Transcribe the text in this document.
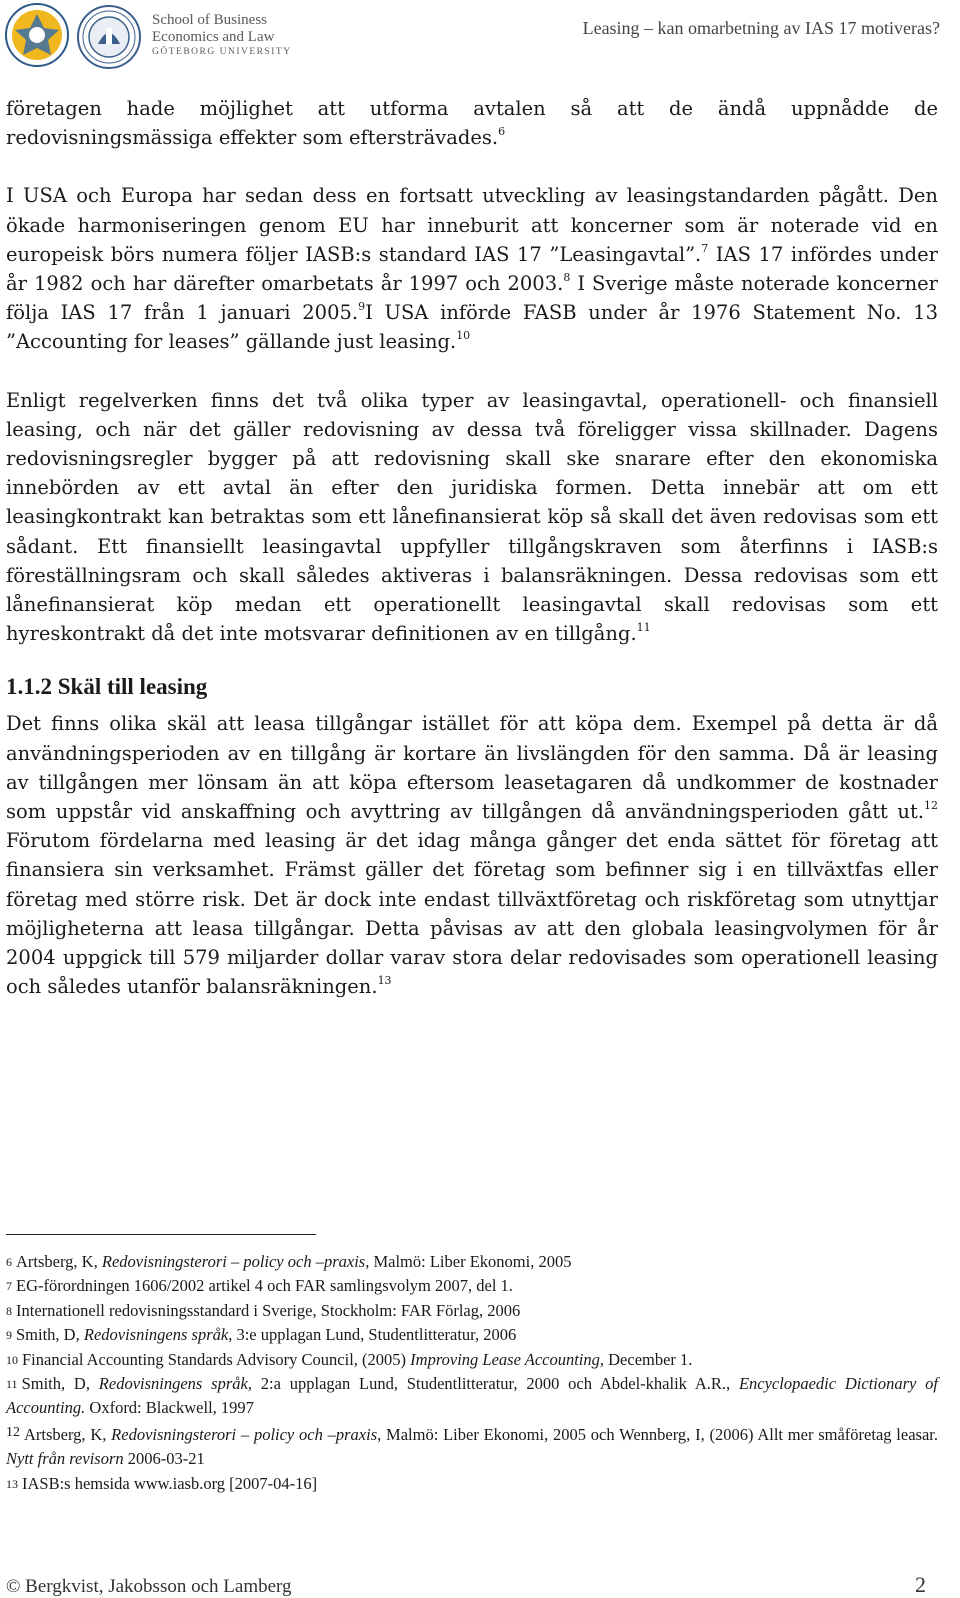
School of Business
Economics and Law
GÖTEBORG UNIVERSITY
Leasing – kan omarbetning av IAS 17 motiveras?

företagen hade möjlighet att utforma avtalen så att de ändå uppnådde de redovisningsmässiga effekter som eftersträvades.$^6$

I USA och Europa har sedan dess en fortsatt utveckling av leasingstandarden pågått. Den ökade harmoniseringen genom EU har inneburit att koncerner som är noterade vid en europeisk börs numera följer IASB:s standard IAS 17 ”Leasingavtal”.$^7$ IAS 17 infördes under år 1982 och har därefter omarbetats år 1997 och 2003.$^8$ I Sverige måste noterade koncerner följa IAS 17 från 1 januari 2005.$^9$I USA införde FASB under år 1976 Statement No. 13 ”Accounting for leases” gällande just leasing.$^{10}$

Enligt regelverken finns det två olika typer av leasingavtal, operationell- och finansiell leasing, och när det gäller redovisning av dessa två föreligger vissa skillnader. Dagens redovisningsregler bygger på att redovisning skall ske snarare efter den ekonomiska innebörden av ett avtal än efter den juridiska formen. Detta innebär att om ett leasingkontrakt kan betraktas som ett lånefinansierat köp så skall det även redovisas som ett sådant. Ett finansiellt leasingavtal uppfyller tillgångskraven som återfinns i IASB:s föreställningsram och skall således aktiveras i balansräkningen. Dessa redovisas som ett lånefinansierat köp medan ett operationellt leasingavtal skall redovisas som ett hyreskontrakt då det inte motsvarar definitionen av en tillgång.$^{11}$

1.1.2 Skäl till leasing

Det finns olika skäl att leasa tillgångar istället för att köpa dem. Exempel på detta är då användningsperioden av en tillgång är kortare än livslängden för den samma. Då är leasing av tillgången mer lönsam än att köpa eftersom leasetagaren då undkommer de kostnader som uppstår vid anskaffning och avyttring av tillgången då användningsperioden gått ut.$^{12}$ Förutom fördelarna med leasing är det idag många gånger det enda sättet för företag att finansiera sin verksamhet. Främst gäller det företag som befinner sig i en tillväxtfas eller företag med större risk. Det är dock inte endast tillväxtföretag och riskföretag som utnyttjar möjligheterna att leasa tillgångar. Detta påvisas av att den globala leasingvolymen för år 2004 uppgick till 579 miljarder dollar varav stora delar redovisades som operationell leasing och således utanför balansräkningen.$^{13}$

6 Artsberg, K, Redovisningsterori – policy och –praxis, Malmö: Liber Ekonomi, 2005

7 EG-förordningen 1606/2002 artikel 4 och FAR samlingsvolym 2007, del 1.

8 Internationell redovisningsstandard i Sverige, Stockholm: FAR Förlag, 2006

9 Smith, D, Redovisningens språk, 3:e upplagan Lund, Studentlitteratur, 2006

10 Financial Accounting Standards Advisory Council, (2005) Improving Lease Accounting, December 1.

11 Smith, D, Redovisningens språk, 2:a upplagan Lund, Studentlitteratur, 2000 och Abdel-khalik A.R., Encyclopaedic Dictionary of Accounting. Oxford: Blackwell, 1997

$^{12}$ Artsberg, K, Redovisningsterori – policy och –praxis, Malmö: Liber Ekonomi, 2005 och Wennberg, I, (2006) Allt mer småföretag leasar. Nytt från revisorn 2006-03-21

13 IASB:s hemsida www.iasb.org [2007-04-16]

© Bergkvist, Jakobsson och Lamberg	2
